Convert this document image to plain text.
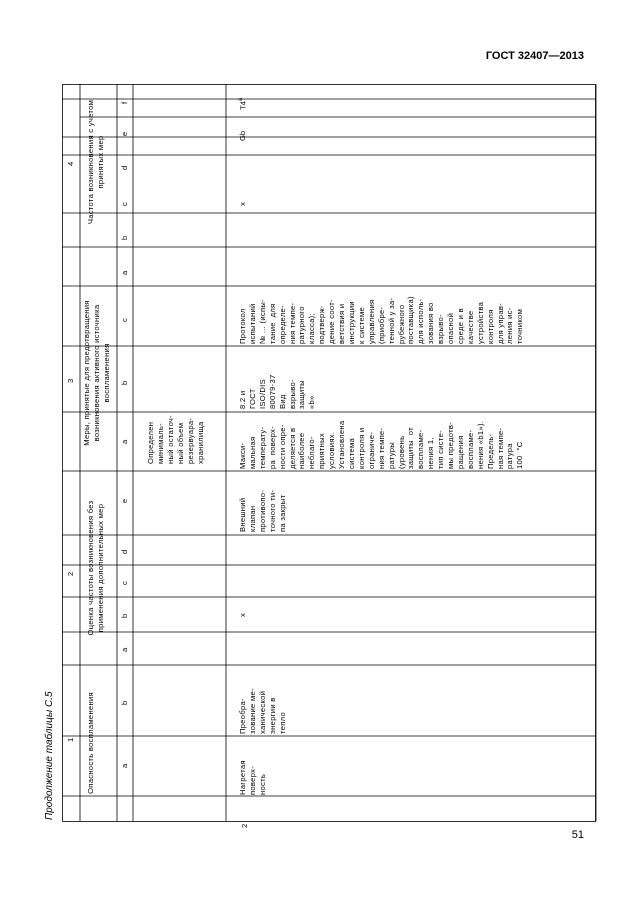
ГОСТ 32407—2013
Продолжение таблицы С.5
4
3
2
1
Частота возникновения с учетом
принятых мер
Меры, принятые для предотвращения
возникновения активного источника
воспламенения
Оценка частоты возникновения без
применения дополнительных мер
Опасность воспламенения
f
e
d
c
b
a
c
b
a
e
d
c
b
a
b
a
Определен
минималь-
ный остаточ-
ный объем
резервуара-
хранилища
2
Нагретая
поверх-
ность
Преобра-
зование ме-
ханической
энергии в
тепло
x
Внешний
клапан
противопо-
точного ти-
па закрыт
Макси-
мальная
температу-
ра  поверх-
ности опре-
деляется в
наиболее
неблаго-
приятных
условиях.
Установлена
система
контроля и
ограниче-
ния темпе-
ратуры
(уровень
защиты  от
воспламе-
нения 1,
тип систе-
мы предотв-
ращения
воспламе-
нения «b1»).
Предель-
ная темпе-
ратура
100  °С
8.2 и
ГОСТ
ISO/DIS
80079-37
Вид
взрыво-
защиты
«b»
Протокол
испытаний
№ ... (испы-
тание  для
определе-
ния темпе-
ратурного
класса);
подтверж-
дение соот-
ветствия и
инструкции
к системе
управления
(приобре-
тенной у за-
рубежного
поставщика)
для исполь-
зования во
взрыво-
опасной
среде и в
качестве
устройства
контроля
для управ-
ления ис-
точником
x
Gb
T4$^a$
51
